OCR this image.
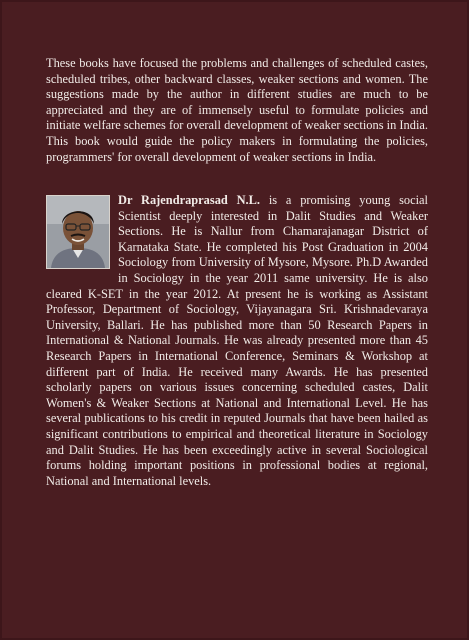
These books have focused the problems and challenges of scheduled castes, scheduled tribes, other backward classes, weaker sections and women. The suggestions made by the author in different studies are much to be appreciated and they are of immensely useful to formulate policies and initiate welfare schemes for overall development of weaker sections in India. This book would guide the policy makers in formulating the policies, programmers' for overall development of weaker sections in India.

Dr Rajendraprasad N.L. is a promising young social Scientist deeply interested in Dalit Studies and Weaker Sections. He is Nallur from Chamarajanagar District of Karnataka State. He completed his Post Graduation in 2004 Sociology from University of Mysore, Mysore. Ph.D Awarded in Sociology in the year 2011 same university. He is also cleared K-SET in the year 2012. At present he is working as Assistant Professor, Department of Sociology, Vijayanagara Sri. Krishnadevaraya University, Ballari. He has published more than 50 Research Papers in International & National Journals. He was already presented more than 45 Research Papers in International Conference, Seminars & Workshop at different part of India. He received many Awards. He has presented scholarly papers on various issues concerning scheduled castes, Dalit Women's & Weaker Sections at National and International Level. He has several publications to his credit in reputed Journals that have been hailed as significant contributions to empirical and theoretical literature in Sociology and Dalit Studies. He has been exceedingly active in several Sociological forums holding important positions in professional bodies at regional, National and International levels.
